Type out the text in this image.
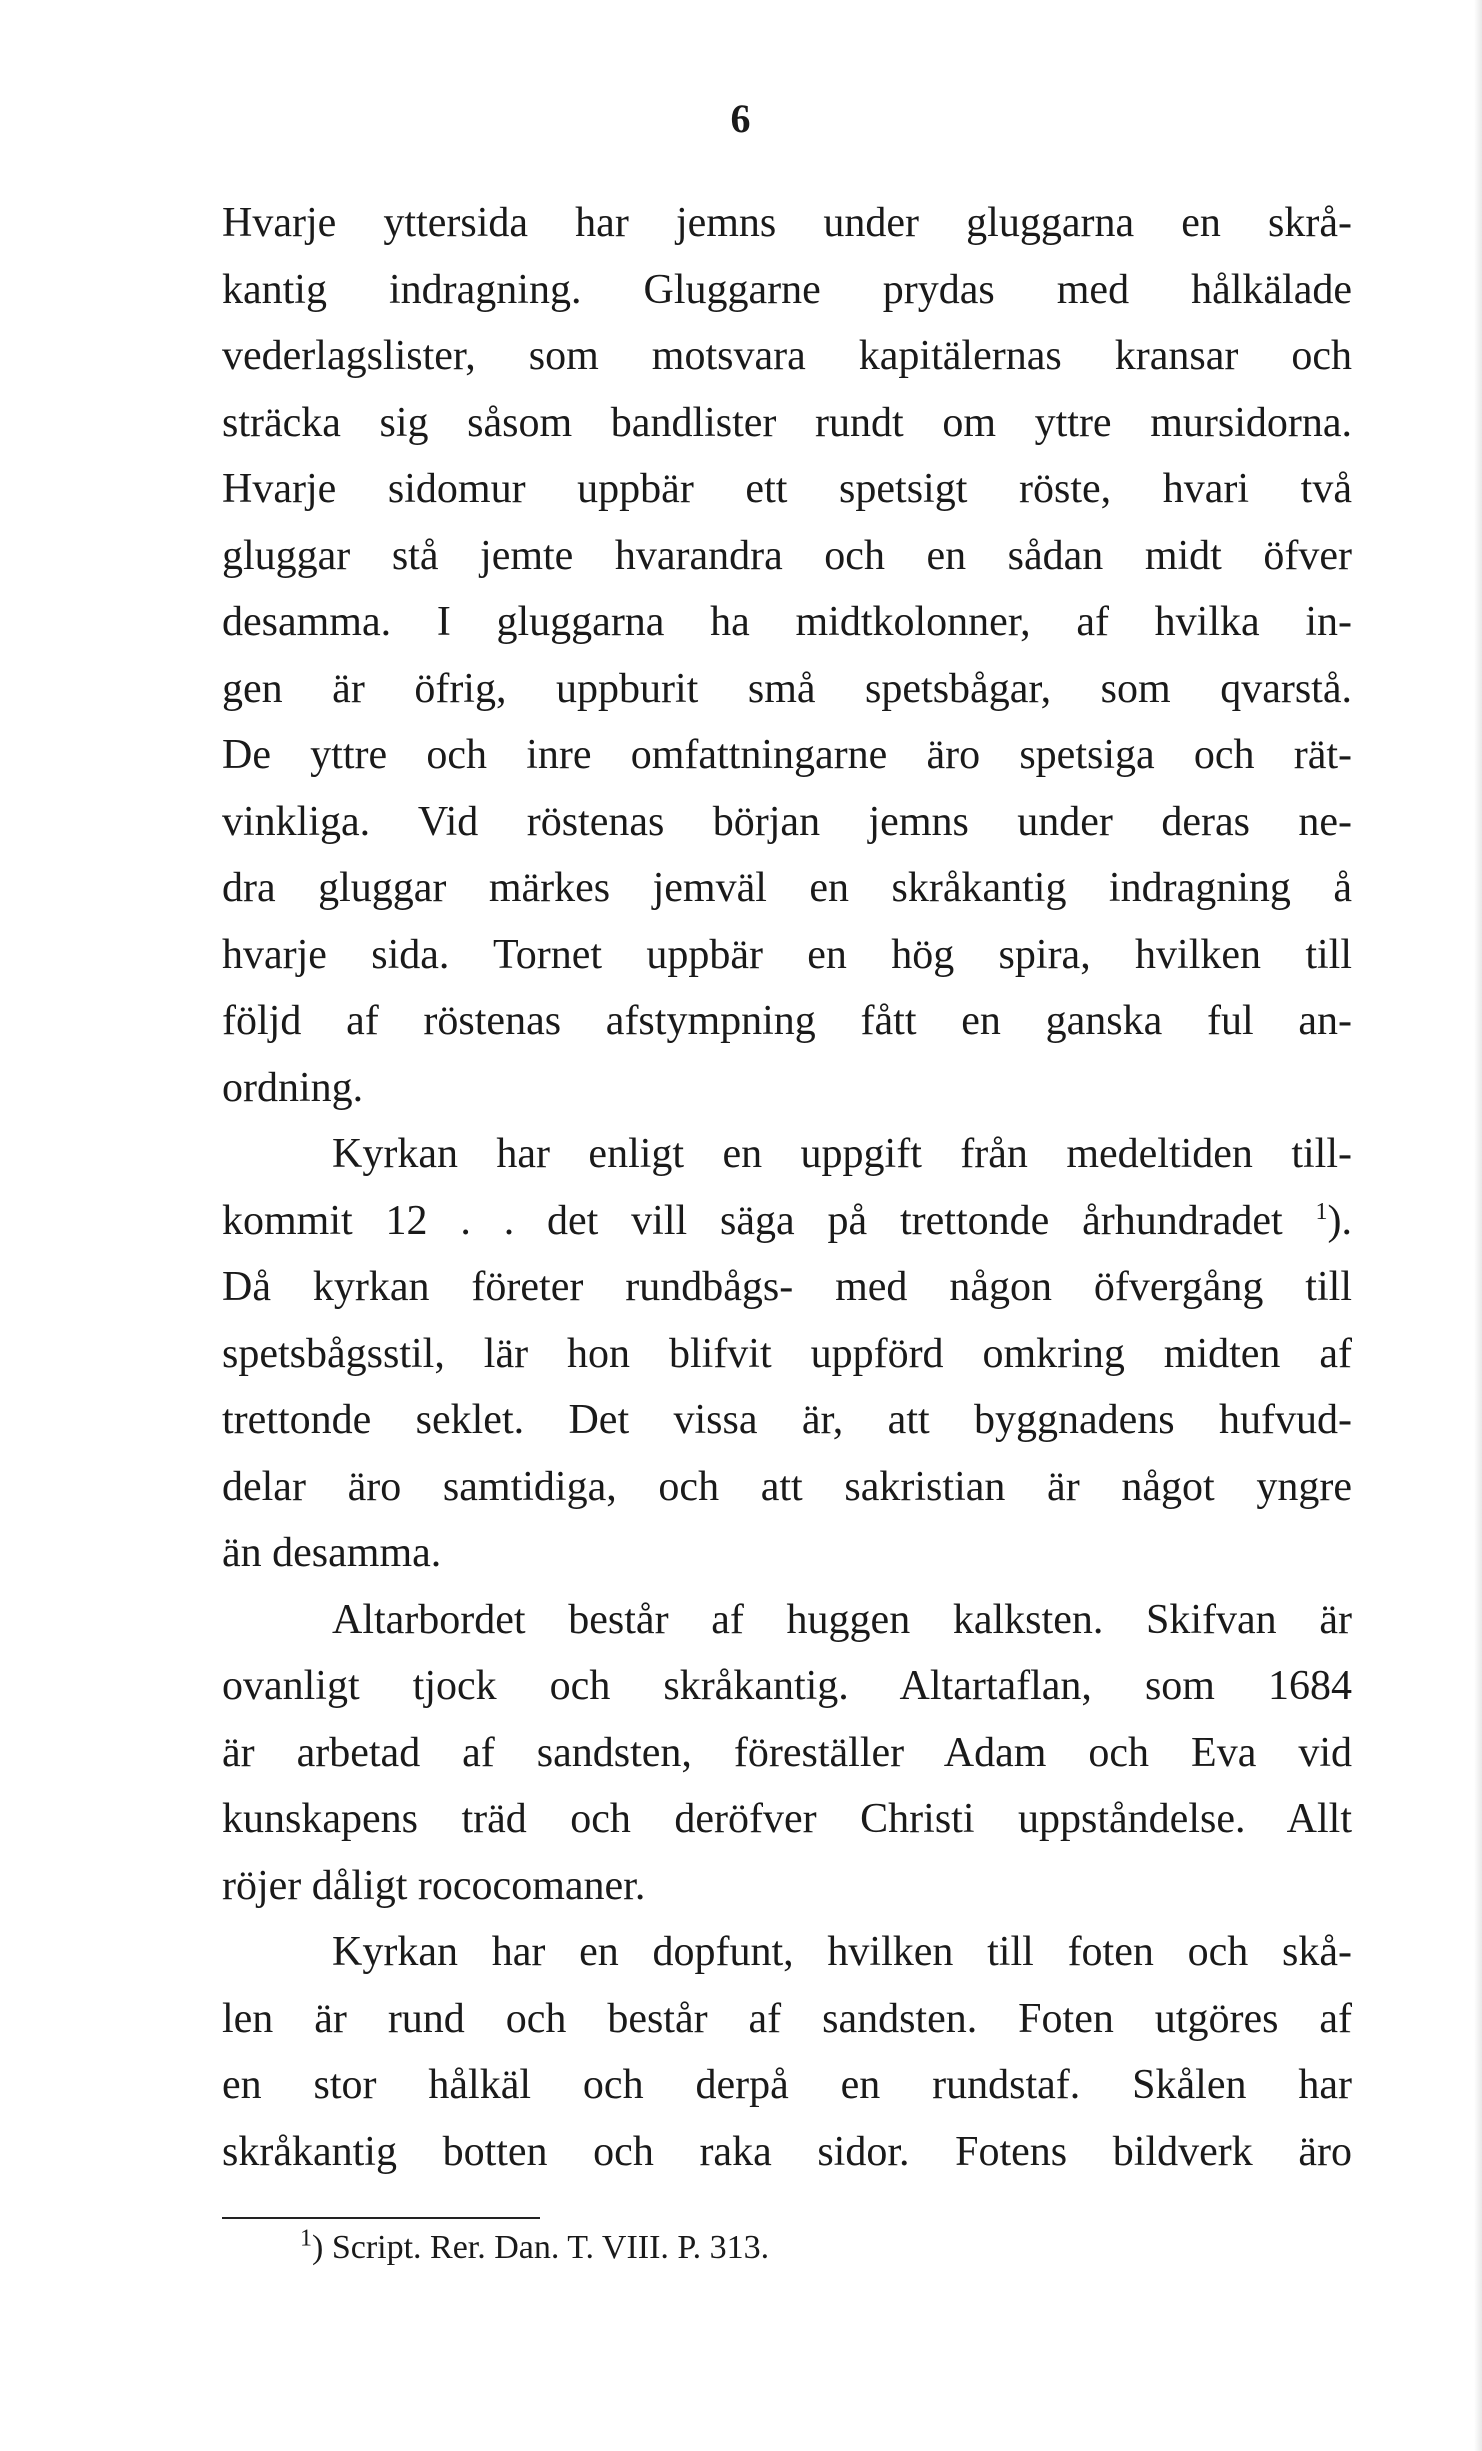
6
Hvarje yttersida har jemns under gluggarna en skrå-
kantig indragning. Gluggarne prydas med hålkälade
vederlagslister, som motsvara kapitälernas kransar och
sträcka sig såsom bandlister rundt om yttre mursidorna.
Hvarje sidomur uppbär ett spetsigt röste, hvari två
gluggar stå jemte hvarandra och en sådan midt öfver
desamma. I gluggarna ha midtkolonner, af hvilka in-
gen är öfrig, uppburit små spetsbågar, som qvarstå.
De yttre och inre omfattningarne äro spetsiga och rät-
vinkliga. Vid röstenas början jemns under deras ne-
dra gluggar märkes jemväl en skråkantig indragning å
hvarje sida. Tornet uppbär en hög spira, hvilken till
följd af röstenas afstympning fått en ganska ful an-
ordning.
Kyrkan har enligt en uppgift från medeltiden till-
kommit 12 . . det vill säga på trettonde århundradet $^1$).
Då kyrkan företer rundbågs- med någon öfvergång till
spetsbågsstil, lär hon blifvit uppförd omkring midten af
trettonde seklet. Det vissa är, att byggnadens hufvud-
delar äro samtidiga, och att sakristian är något yngre
än desamma.
Altarbordet består af huggen kalksten. Skifvan är
ovanligt tjock och skråkantig. Altartaflan, som 1684
är arbetad af sandsten, föreställer Adam och Eva vid
kunskapens träd och deröfver Christi uppståndelse. Allt
röjer dåligt rococomaner.
Kyrkan har en dopfunt, hvilken till foten och skå-
len är rund och består af sandsten. Foten utgöres af
en stor hålkäl och derpå en rundstaf. Skålen har
skråkantig botten och raka sidor. Fotens bildverk äro
$^1$) Script. Rer. Dan. T. VIII. P. 313.
